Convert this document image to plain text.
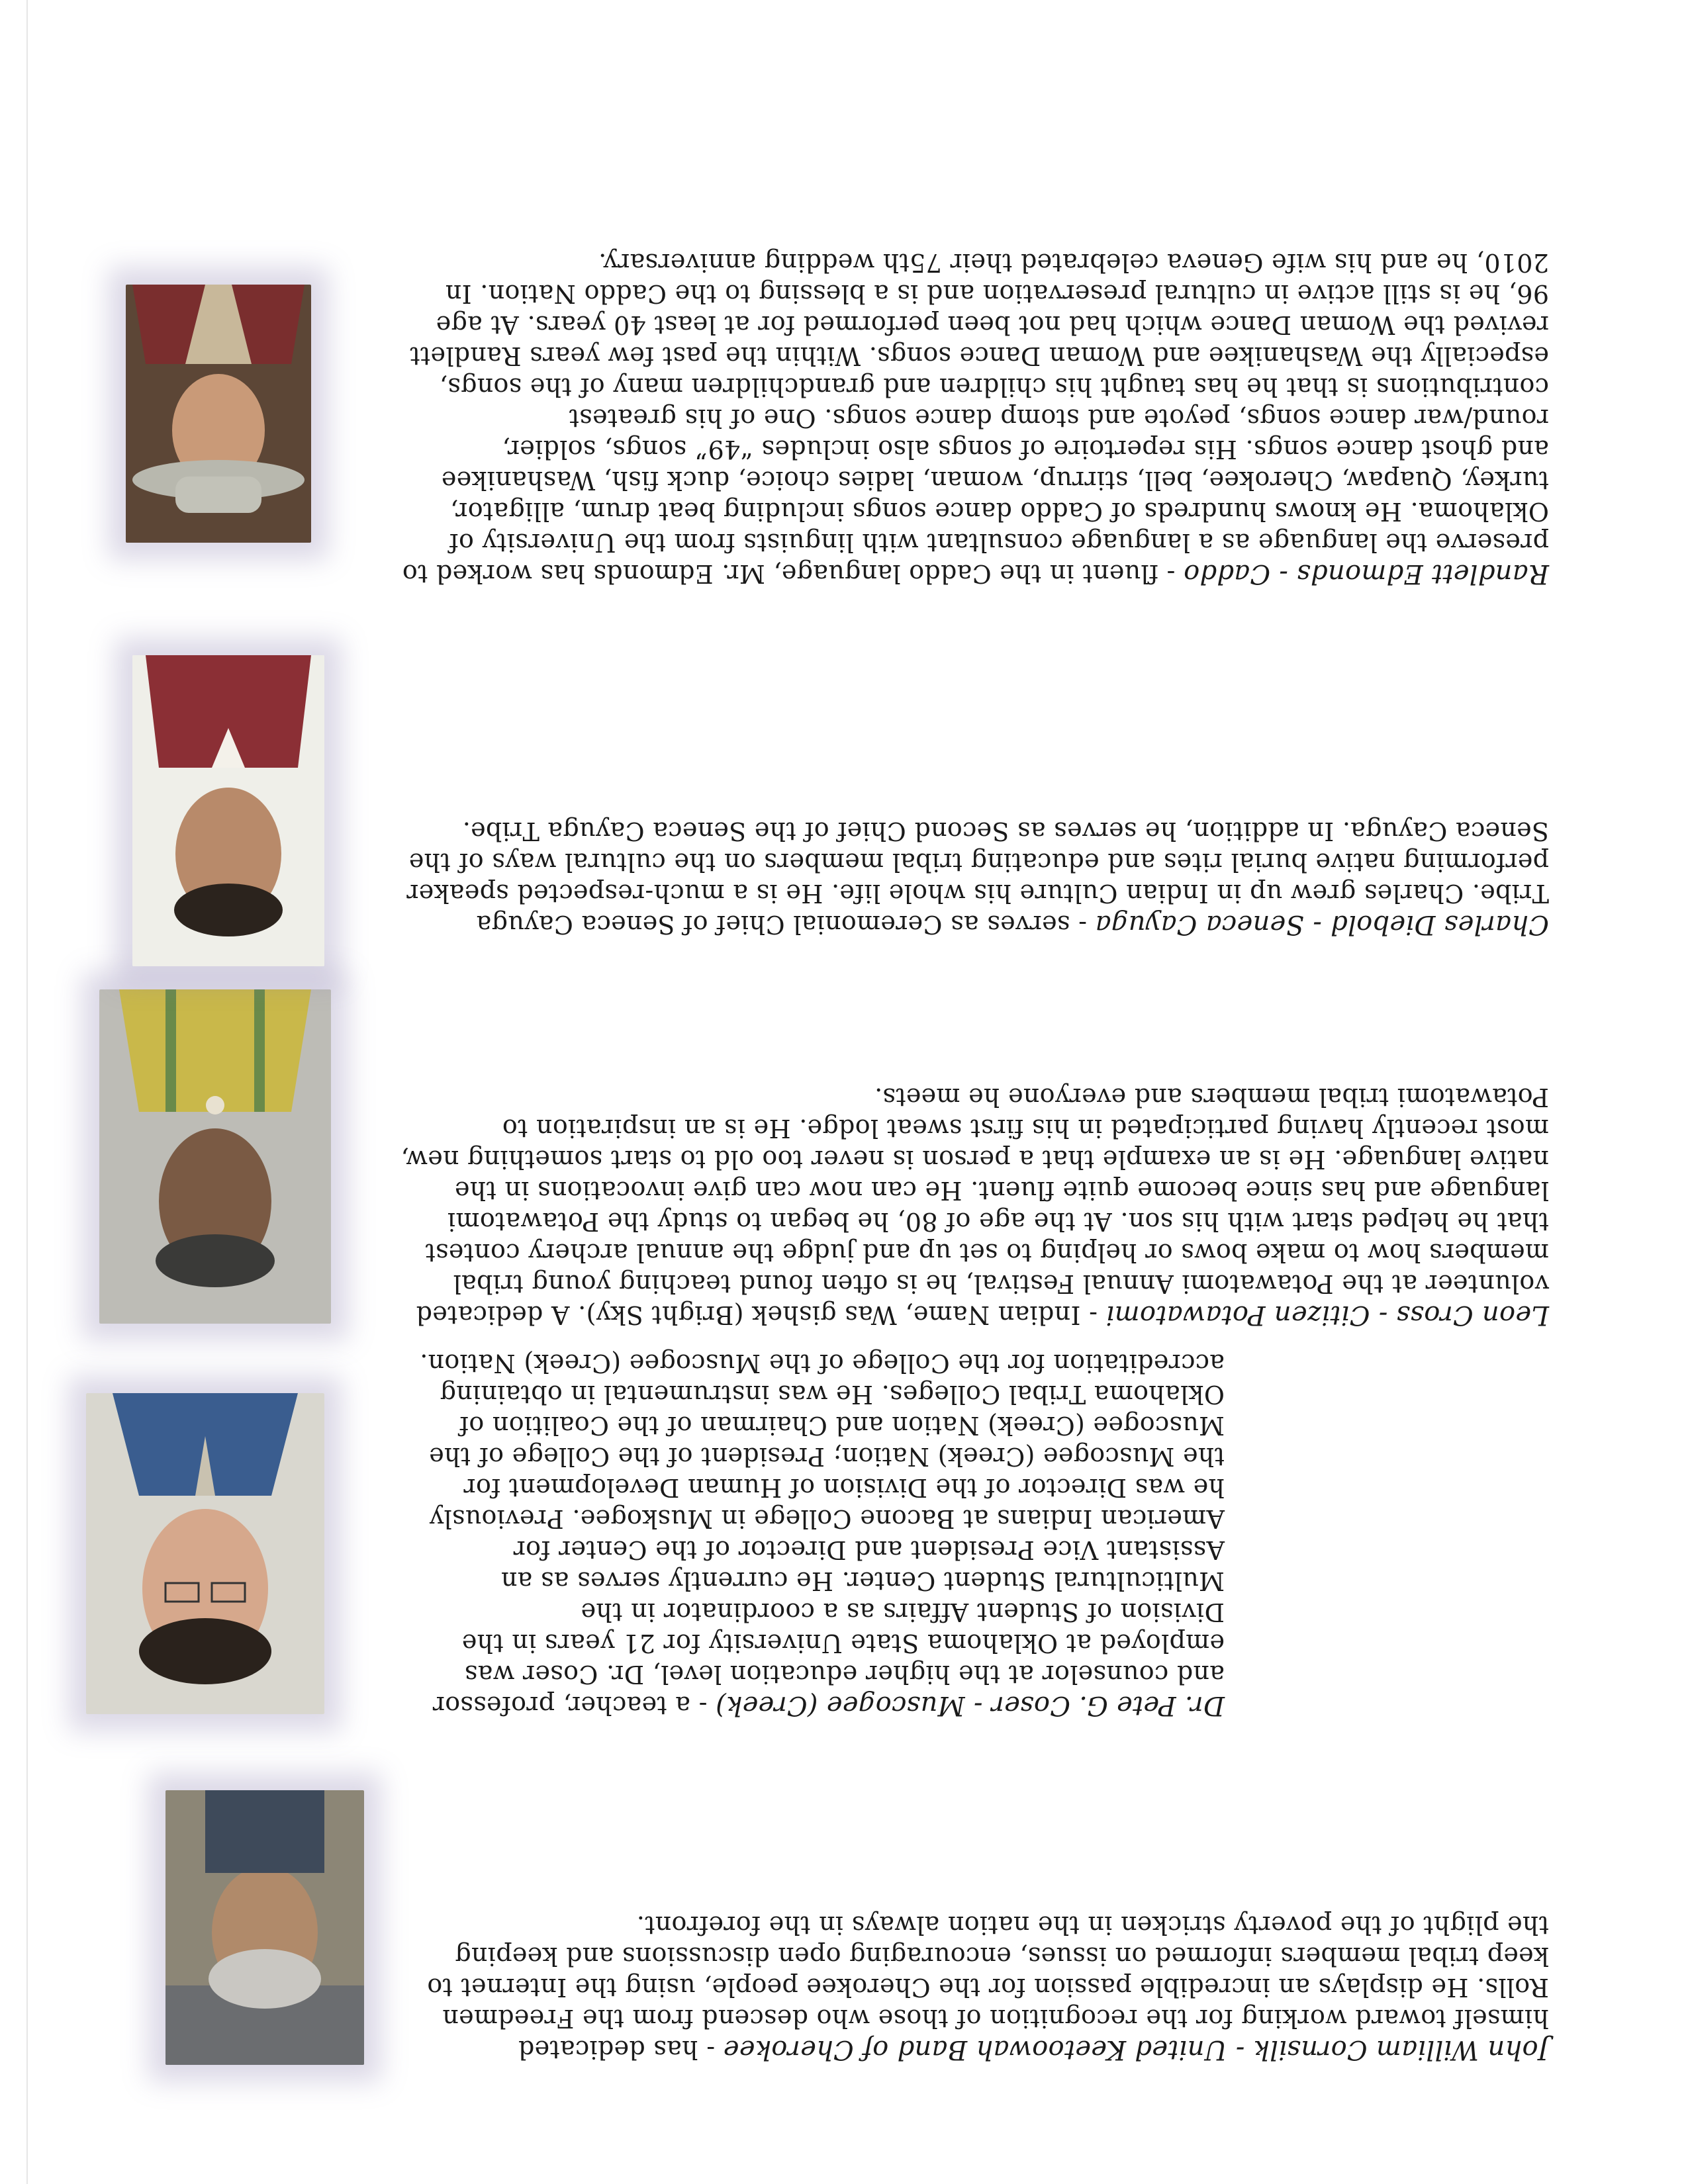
John William Cornsilk - United Keetoowah Band of Cherokee - has dedicated himself toward working for the recognition of those who descend from the Freedmen Rolls. He displays an incredible passion for the Cherokee people, using the Internet to keep tribal members informed on issues, encouraging open discussions and keeping the plight of the poverty stricken in the nation always in the forefront.

Dr. Pete G. Coser - Muscogee (Creek) - a teacher, professor and counselor at the higher education level, Dr. Coser was employed at Oklahoma State University for 21 years in the Division of Student Affairs as a coordinator in the Multicultural Student Center. He currently serves as an Assistant Vice President and Director of the Center for American Indians at Bacone College in Muskogee. Previously he was Director of the Division of Human Development for the Muscogee (Creek) Nation; President of the College of the Muscogee (Creek) Nation and Chairman of the Coalition of Oklahoma Tribal Colleges. He was instrumental in obtaining accreditation for the College of the Muscogee (Creek) Nation.

Leon Cross - Citizen Potawatomi - Indian Name, Was gishek (Bright Sky). A dedicated volunteer at the Potawatomi Annual Festival, he is often found teaching young tribal members how to make bows or helping to set up and judge the annual archery contest that he helped start with his son. At the age of 80, he began to study the Potawatomi language and has since become quite fluent. He can now can give invocations in the native language. He is an example that a person is never too old to start something new, most recently having participated in his first sweat lodge. He is an inspiration to Potawatomi tribal members and everyone he meets.

Charles Diebold - Seneca Cayuga - serves as Ceremonial Chief of Seneca Cayuga Tribe. Charles grew up in Indian Culture his whole life. He is a much-respected speaker performing native burial rites and educating tribal members on the cultural ways of the Seneca Cayuga. In addition, he serves as Second Chief of the Seneca Cayuga Tribe.

Randlett Edmonds - Caddo - fluent in the Caddo language, Mr. Edmonds has worked to preserve the language as a language consultant with linguists from the University of Oklahoma. He knows hundreds of Caddo dance songs including beat drum, alligator, turkey, Quapaw, Cherokee, bell, stirrup, woman, ladies choice, duck fish, Washanikee and ghost dance songs. His repertoire of songs also includes “49” songs, soldier, round/war dance songs, peyote and stomp dance songs. One of his greatest contributions is that he has taught his children and grandchildren many of the songs, especially the Washanikee and Woman Dance songs. Within the past few years Randlett revived the Woman Dance which had not been performed for at least 40 years. At age 96, he is still active in cultural preservation and is a blessing to the Caddo Nation. In 2010, he and his wife Geneva celebrated their 75th wedding anniversary.
